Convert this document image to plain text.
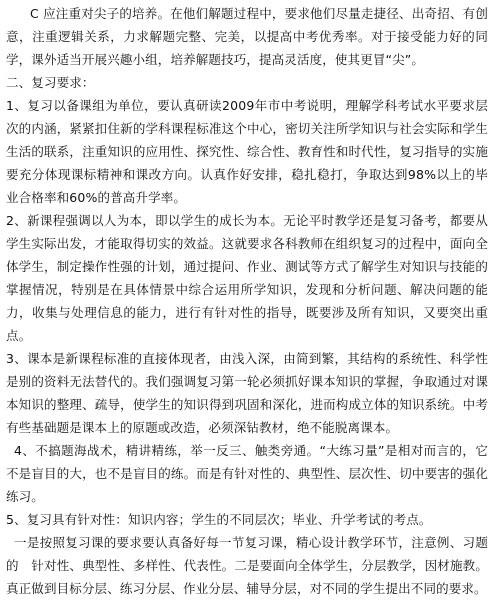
C 应注重对尖子的培养。在他们解题过程中，要求他们尽量走捷径、出奇招、有创意，注重逻辑关系，力求解题完整、完美，以提高中考优秀率。对于接受能力好的同学，课外适当开展兴趣小组，培养解题技巧，提高灵活度，使其更冒“尖”。

二、复习要求：

1、复习以备课组为单位，要认真研读2009年市中考说明，理解学科考试水平要求层次的内涵，紧紧扣住新的学科课程标准这个中心，密切关注所学知识与社会实际和学生生活的联系，注重知识的应用性、探究性、综合性、教育性和时代性，复习指导的实施要充分体现课标精神和课改方向。认真作好安排，稳扎稳打，争取达到98%以上的毕业合格率和60%的普高升学率。

2、新课程强调以人为本，即以学生的成长为本。无论平时教学还是复习备考，都要从学生实际出发，才能取得切实的效益。这就要求各科教师在组织复习的过程中，面向全体学生，制定操作性强的计划，通过提问、作业、测试等方式了解学生对知识与技能的掌握情况，特别是在具体情景中综合运用所学知识，发现和分析问题、解决问题的能力，收集与处理信息的能力，进行有针对性的指导，既要涉及所有知识，又要突出重点。

3、课本是新课程标准的直接体现者，由浅入深，由简到繁，其结构的系统性、科学性是别的资料无法替代的。我们强调复习第一轮必须抓好课本知识的掌握，争取通过对课本知识的整理、疏导，使学生的知识得到巩固和深化，进而构成立体的知识系统。中考有些基础题是课本上的原题或改造，必须深钻教材，绝不能脱离课本。

4、不搞题海战术，精讲精练，举一反三、触类旁通。“大练习量”是相对而言的，它不是盲目的大，也不是盲目的练。而是有针对性的、典型性、层次性、切中要害的强化练习。

5、复习具有针对性：知识内容；学生的不同层次；毕业、升学考试的考点。

一是按照复习课的要求要认真备好每一节复习课，精心设计教学环节，注意例、习题的　针对性、典型性、多样性、代表性。二是要面向全体学生，分层教学，因材施教。真正做到目标分层、练习分层、作业分层、辅导分层，对不同的学生提出不同的要求。
